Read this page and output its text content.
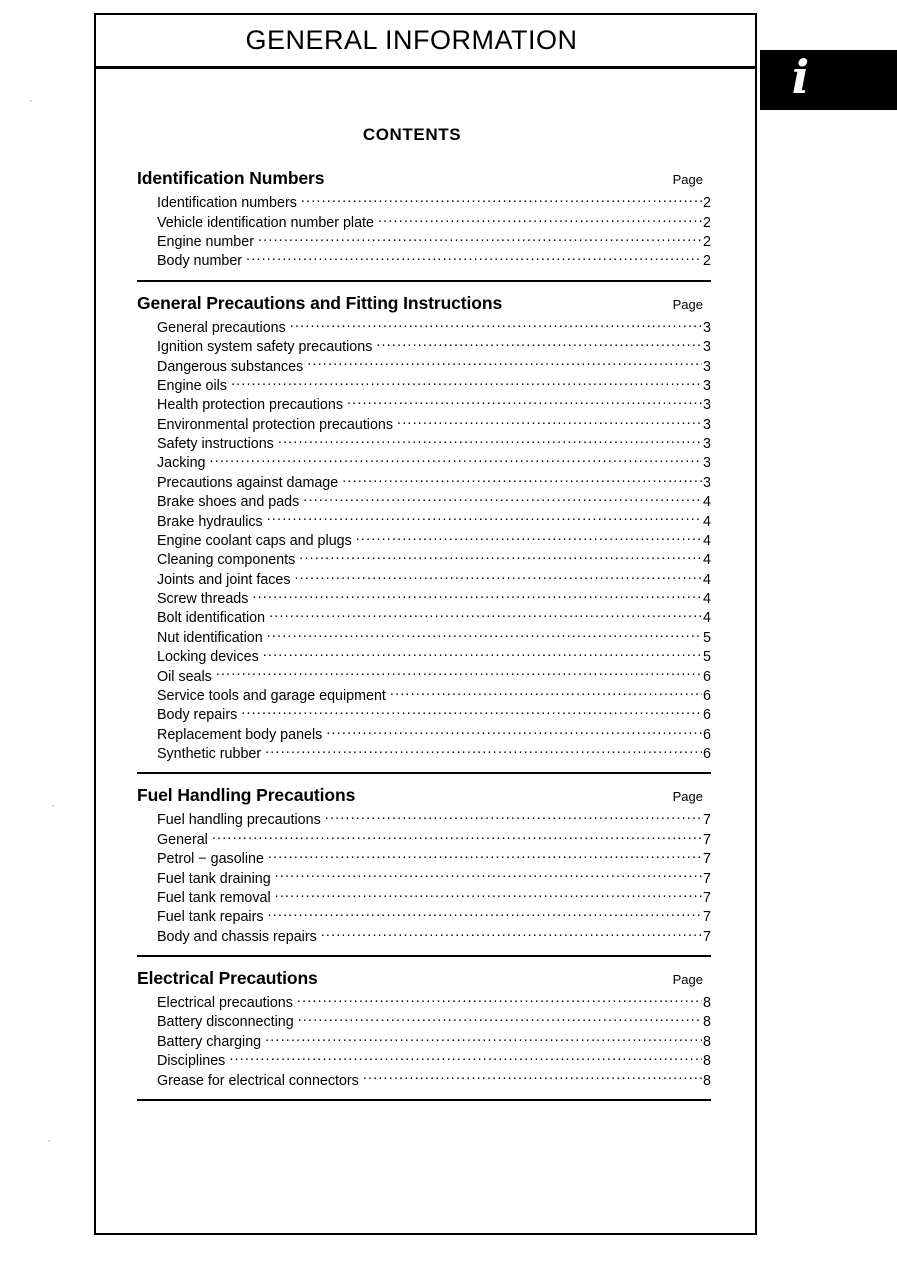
GENERAL INFORMATION
CONTENTS
Identification Numbers	Page
Identification numbers .....	2
Vehicle identification number plate .....	2
Engine number .....	2
Body number .....	2
General Precautions and Fitting Instructions	Page
General precautions .....	3
Ignition system safety precautions .....	3
Dangerous substances .....	3
Engine oils .....	3
Health protection precautions .....	3
Environmental protection precautions .....	3
Safety instructions .....	3
Jacking .....	3
Precautions against damage .....	3
Brake shoes and pads .....	4
Brake hydraulics .....	4
Engine coolant caps and plugs .....	4
Cleaning components .....	4
Joints and joint faces .....	4
Screw threads .....	4
Bolt identification .....	4
Nut identification .....	5
Locking devices .....	5
Oil seals .....	6
Service tools and garage equipment .....	6
Body repairs .....	6
Replacement body panels .....	6
Synthetic rubber .....	6
Fuel Handling Precautions	Page
Fuel handling precautions .....	7
General .....	7
Petrol − gasoline .....	7
Fuel tank draining .....	7
Fuel tank removal .....	7
Fuel tank repairs .....	7
Body and chassis repairs .....	7
Electrical Precautions	Page
Electrical precautions .....	8
Battery disconnecting .....	8
Battery charging .....	8
Disciplines .....	8
Grease for electrical connectors .....	8
i
